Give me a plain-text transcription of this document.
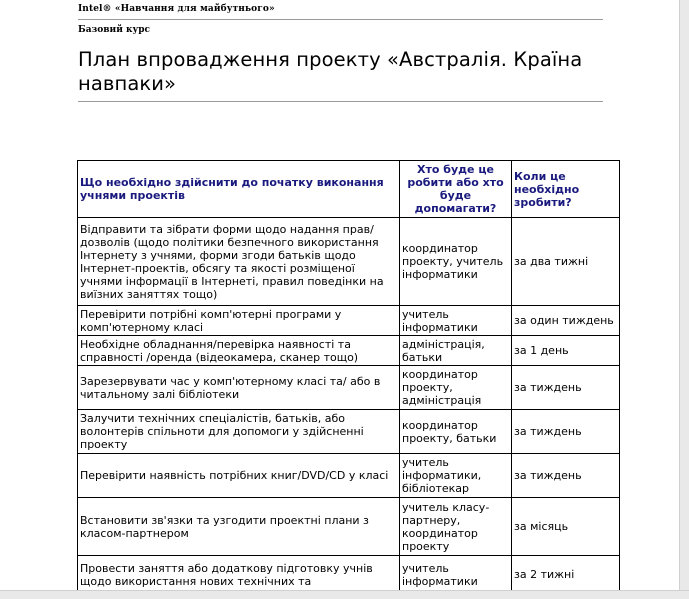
Intel® «Навчання для майбутнього»
Базовий курс
План впровадження проекту «Австралія. Країна навпаки»
Що необхідно здійснити до початку виконання учнями проектів	Хто буде це робити або хто буде допомагати?	Коли це необхідно зробити?
Відправити та зібрати форми щодо надання прав/дозволів (щодо політики безпечного використання Інтернету з учнями, форми згоди батьків щодо Інтернет-проектів, обсягу та якості розміщеної учнями інформації в Інтернеті, правил поведінки на виїзних заняттях тощо)	координатор проекту, учитель інформатики	за два тижні
Перевірити потрібні комп'ютерні програми у комп'ютерному класі	учитель інформатики	за один тиждень
Необхідне обладнання/перевірка наявності та справності /оренда (відеокамера, сканер тощо)	адміністрація, батьки	за 1 день
Зарезервувати час у комп'ютерному класі та/ або в читальному залі бібліотеки	координатор проекту, адміністрація	за тиждень
Залучити технічних спеціалістів, батьків, або волонтерів спільноти для допомоги у здійсненні проекту	координатор проекту, батьки	за тиждень
Перевірити наявність потрібних книг/DVD/CD у класі	учитель інформатики, бібліотекар	за тиждень
Встановити зв'язки та узгодити проектні плани з класом-партнером	учитель класу-партнеру, координатор проекту	за місяць
Провести заняття або додаткову підготовку учнів щодо використання нових технічних та	учитель інформатики	за 2 тижні
